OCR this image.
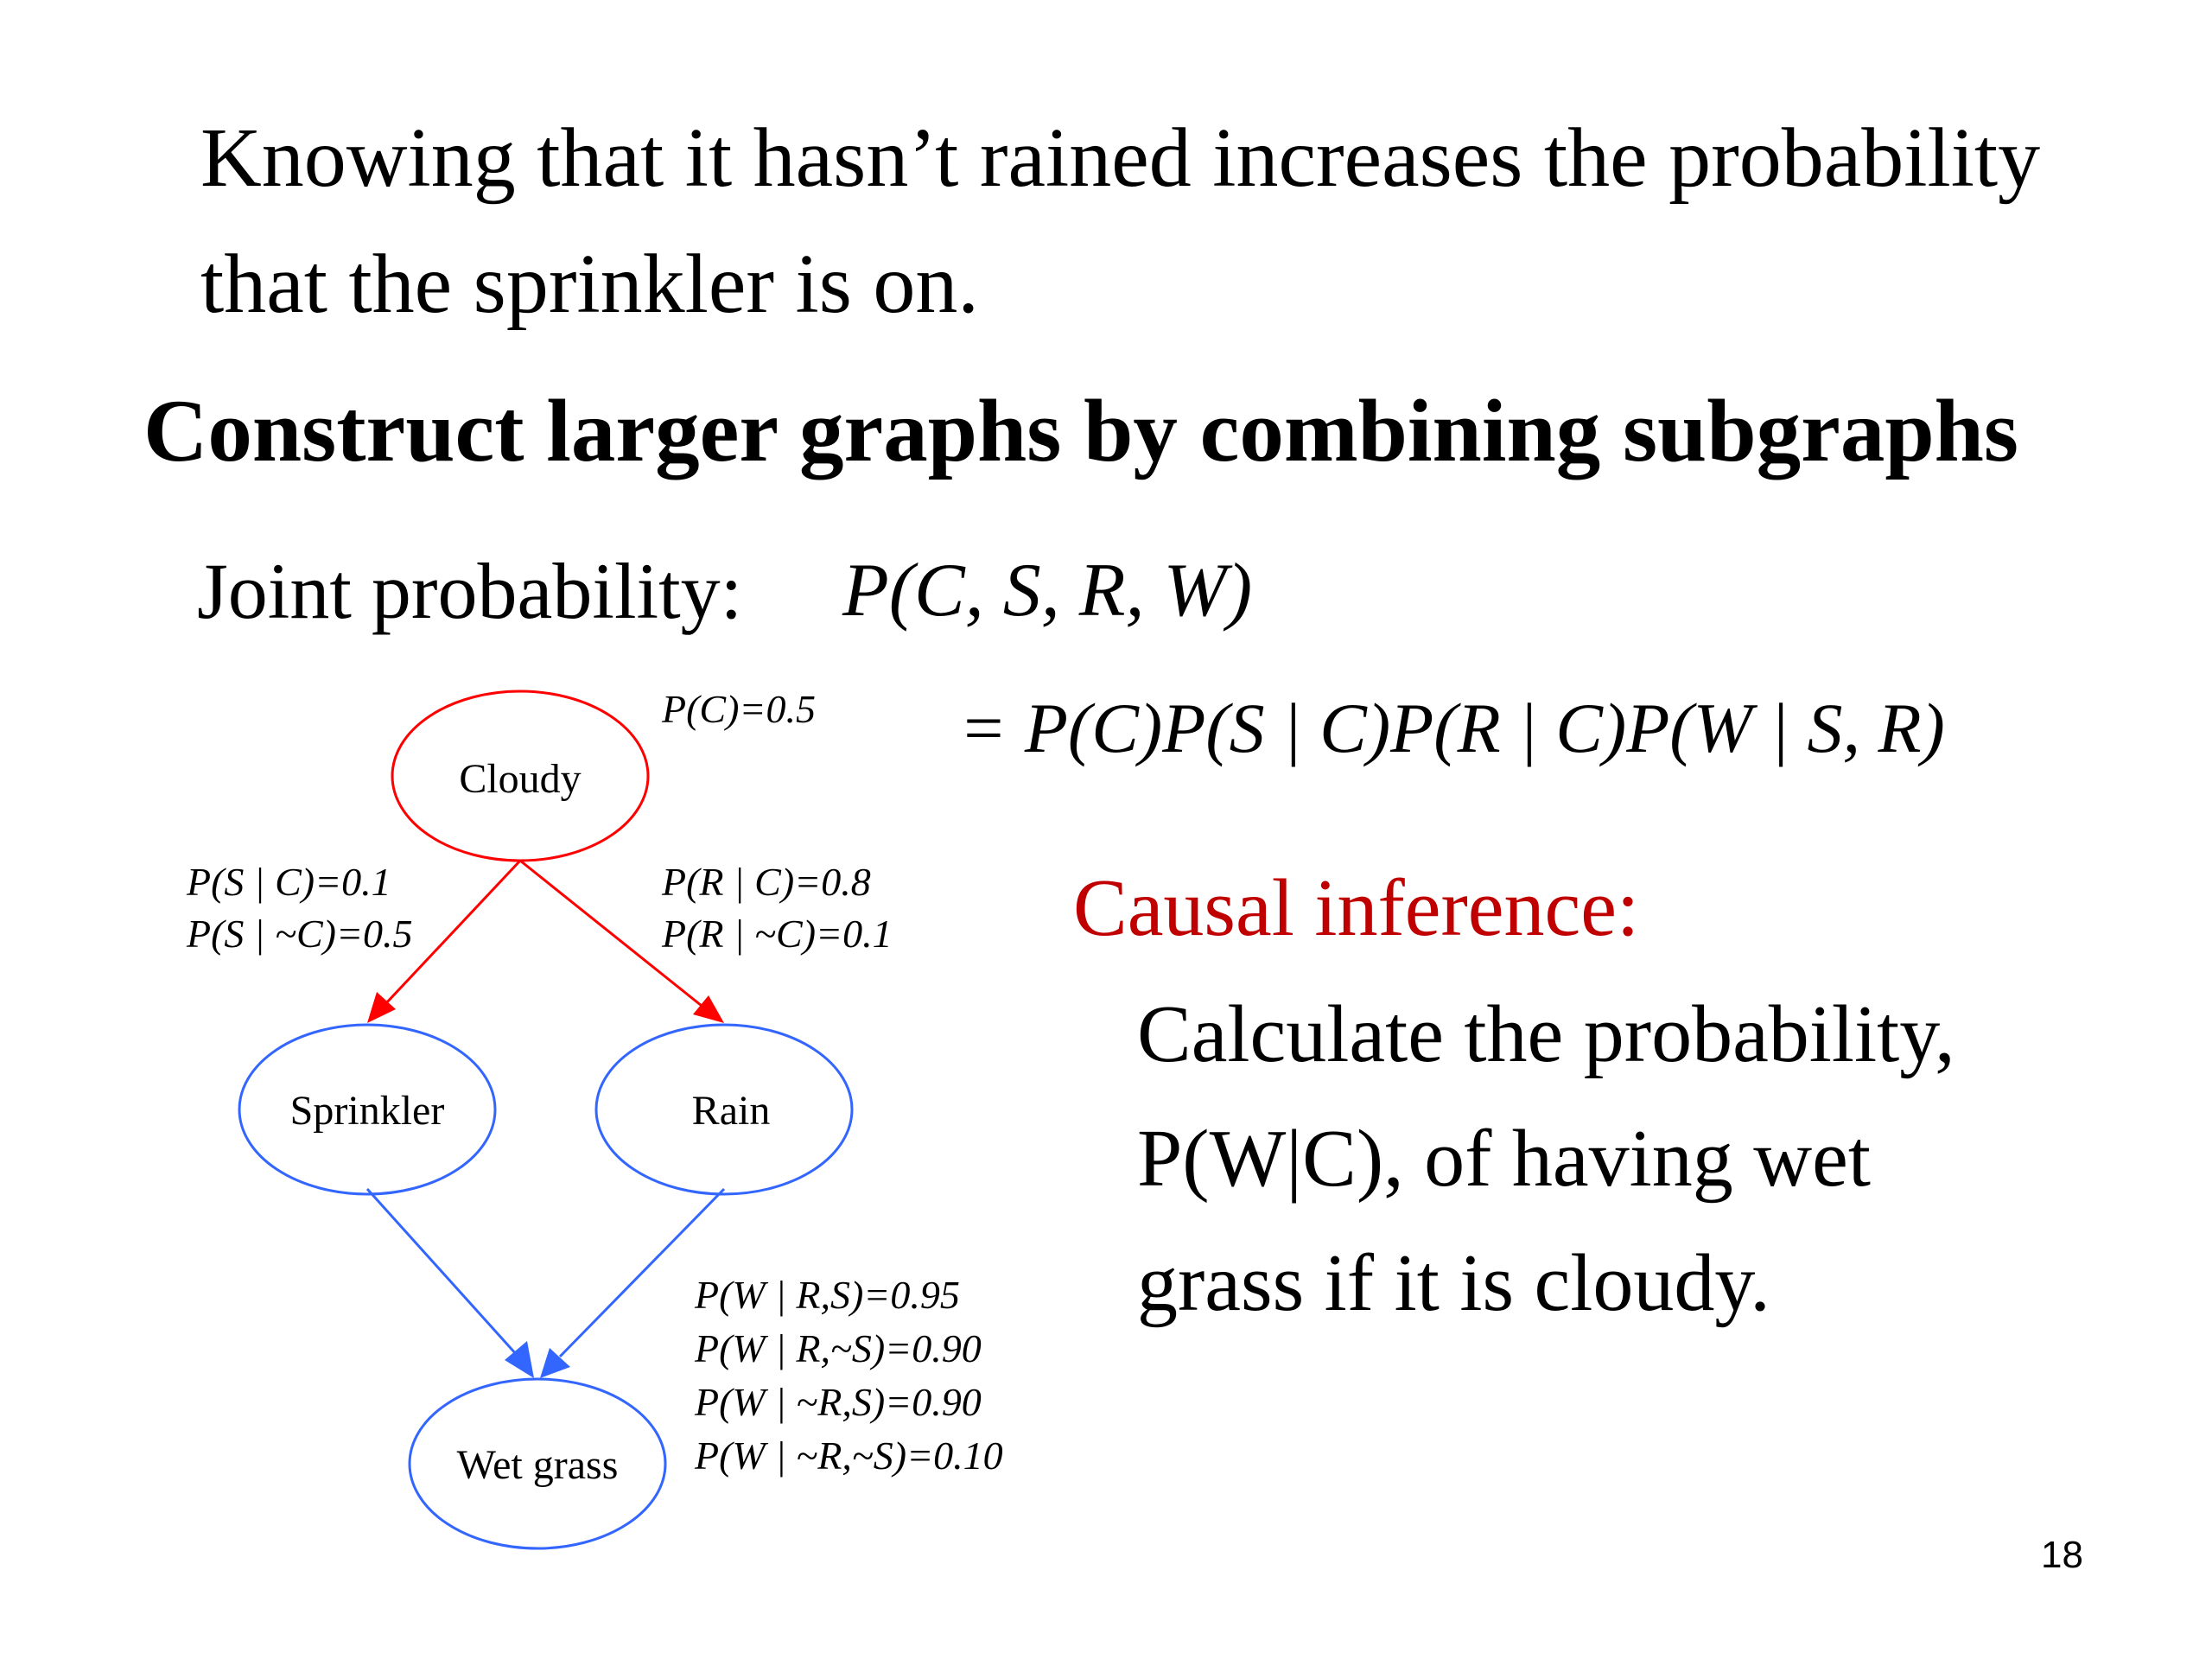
Knowing that it hasn’t rained increases the probability
that the sprinkler is on.
Construct larger graphs by combining subgraphs
Joint probability: P(C, S, R, W)
= P(C)P(S | C)P(R | C)P(W | S, R)
Cloudy
Sprinkler	Rain
Wet grass
P(C)=0.5
P(S | C)=0.1
P(S | ~C)=0.5
P(R | C)=0.8
P(R | ~C)=0.1
P(W | R,S)=0.95
P(W | R,~S)=0.90
P(W | ~R,S)=0.90
P(W | ~R,~S)=0.10
Causal inference:
Calculate the probability,
P(W|C), of having wet
grass if it is cloudy.
18
